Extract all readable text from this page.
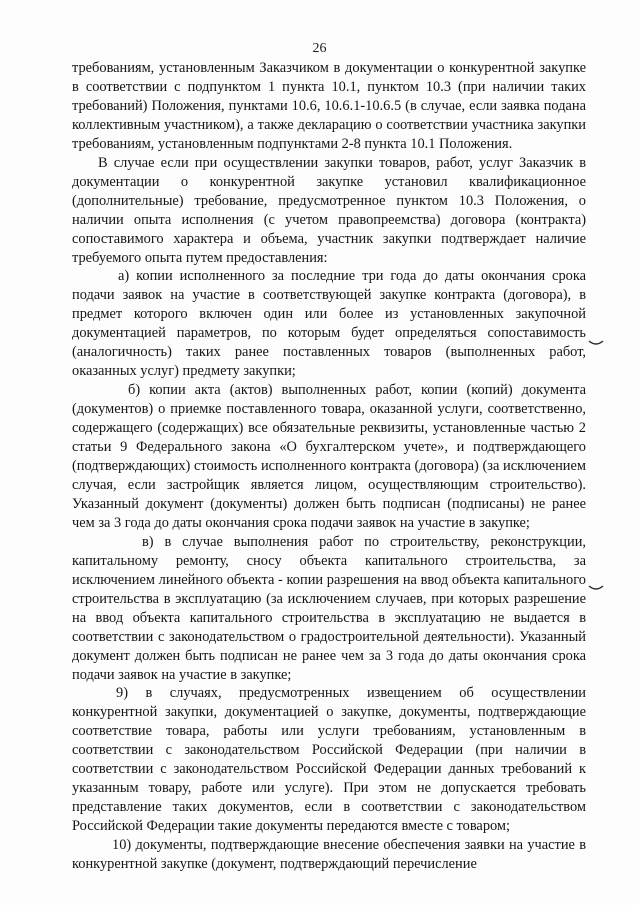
26

требованиям, установленным Заказчиком в документации о конкурентной закупке в соответствии с подпунктом 1 пункта 10.1, пунктом 10.3 (при наличии таких требований) Положения, пунктами 10.6, 10.6.1-10.6.5 (в случае, если заявка подана коллективным участником), а также декларацию о соответствии участника закупки требованиям, установленным подпунктами 2-8 пункта 10.1 Положения.

В случае если при осуществлении закупки товаров, работ, услуг Заказчик в документации о конкурентной закупке установил квалификационное (дополнительные) требование, предусмотренное пунктом 10.3 Положения, о наличии опыта исполнения (с учетом правопреемства) договора (контракта) сопоставимого характера и объема, участник закупки подтверждает наличие требуемого опыта путем предоставления:

а) копии исполненного за последние три года до даты окончания срока подачи заявок на участие в соответствующей закупке контракта (договора), в предмет которого включен один или более из установленных закупочной документацией параметров, по которым будет определяться сопоставимость (аналогичность) таких ранее поставленных товаров (выполненных работ, оказанных услуг) предмету закупки;

б) копии акта (актов) выполненных работ, копии (копий) документа (документов) о приемке поставленного товара, оказанной услуги, соответственно, содержащего (содержащих) все обязательные реквизиты, установленные частью 2 статьи 9 Федерального закона «О бухгалтерском учете», и подтверждающего (подтверждающих) стоимость исполненного контракта (договора) (за исключением случая, если застройщик является лицом, осуществляющим строительство). Указанный документ (документы) должен быть подписан (подписаны) не ранее чем за 3 года до даты окончания срока подачи заявок на участие в закупке;

в) в случае выполнения работ по строительству, реконструкции, капитальному ремонту, сносу объекта капитального строительства, за исключением линейного объекта - копии разрешения на ввод объекта капитального строительства в эксплуатацию (за исключением случаев, при которых разрешение на ввод объекта капитального строительства в эксплуатацию не выдается в соответствии с законодательством о градостроительной деятельности). Указанный документ должен быть подписан не ранее чем за 3 года до даты окончания срока подачи заявок на участие в закупке;

9) в случаях, предусмотренных извещением об осуществлении конкурентной закупки, документацией о закупке, документы, подтверждающие соответствие товара, работы или услуги требованиям, установленным в соответствии с законодательством Российской Федерации (при наличии в соответствии с законодательством Российской Федерации данных требований к указанным товару, работе или услуге). При этом не допускается требовать представление таких документов, если в соответствии с законодательством Российской Федерации такие документы передаются вместе с товаром;

10) документы, подтверждающие внесение обеспечения заявки на участие в конкурентной закупке (документ, подтверждающий перечисление
